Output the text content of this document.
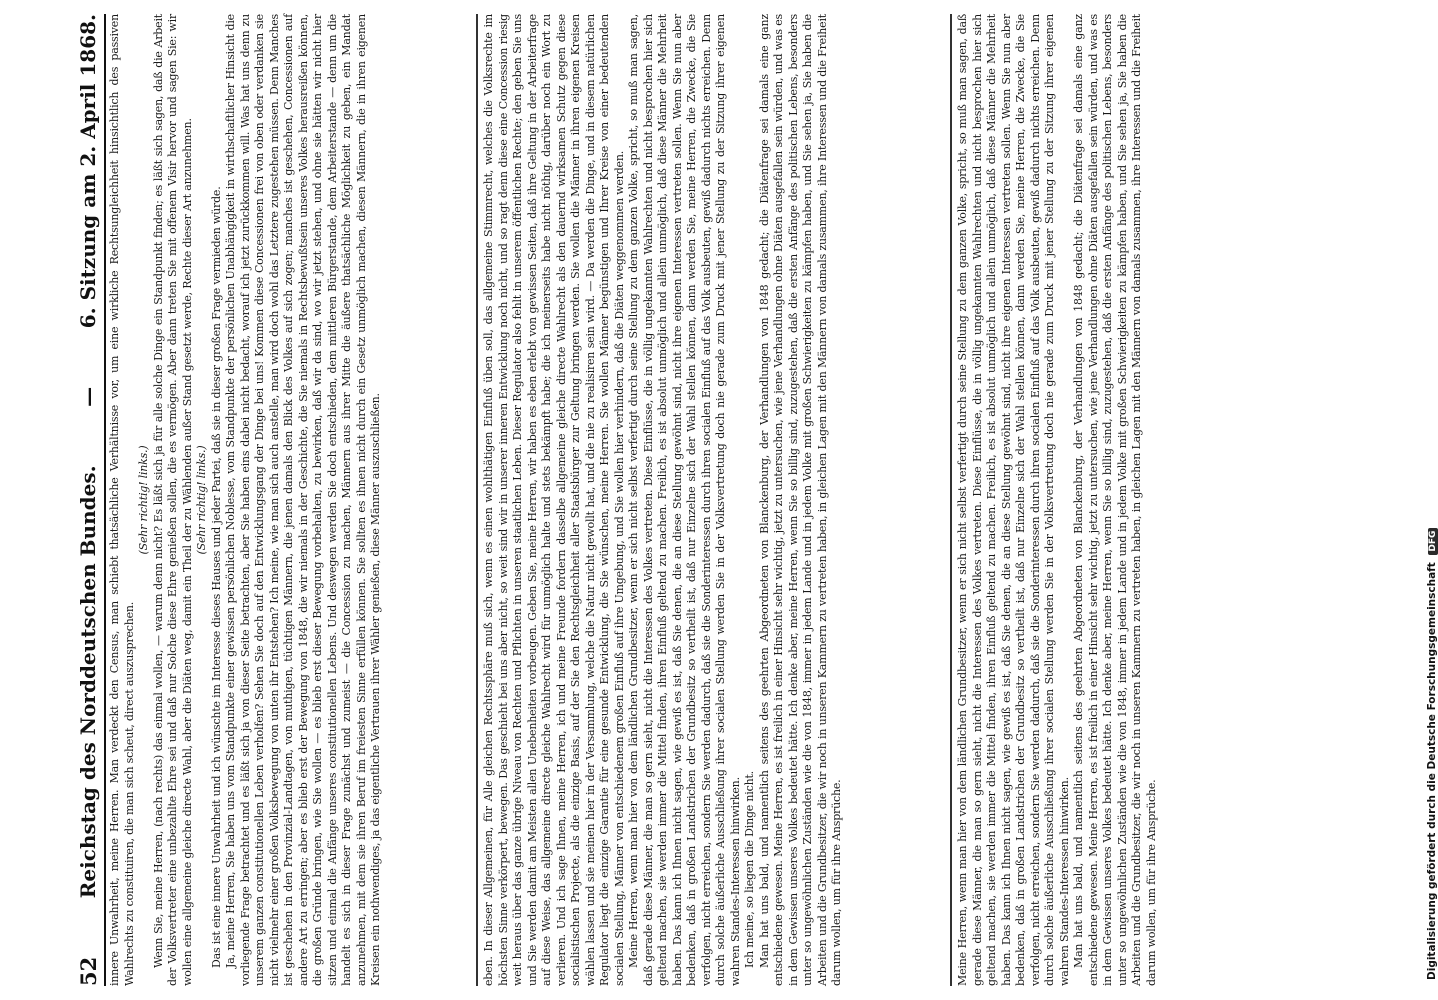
52
Reichstag des Norddeutschen Bundes.
—
6. Sitzung am 2. April 1868. innere Unwahrheit, meine Herren. Man verdeckt den Census, man schiebt thatsächliche Verhältnisse vor, um eine wirkliche Rechtsungleichheit hinsichtlich des passiven Wahlrechts zu constituiren, die man sich scheut, direct auszusprechen.
(Sehr richtig! links.) Wenn Sie, meine Herren, (nach rechts) das einmal wollen, — warum denn nicht? Es läßt sich ja für alle solche Dinge ein Standpunkt finden; es läßt sich sagen, daß die Arbeit der Volksvertreter eine unbezahlte Ehre sei und daß nur Solche diese Ehre genießen sollen, die es vermögen. Aber dann treten Sie mit offenem Visir hervor und sagen Sie: wir wollen eine allgemeine gleiche directe Wahl, aber die Diäten weg, damit ein Theil der zu Wählenden außer Stand gesetzt werde, Rechte dieser Art anzunehmen. (Sehr richtig! links.) Das ist eine innere Unwahrheit und ich wünschte im Interesse dieses Hauses und jeder Partei, daß sie in dieser großen Frage vermieden würde. Ja, meine Herren, Sie haben uns vom Standpunkte einer gewissen persönlichen Noblesse, vom Standpunkte der persönlichen Unabhängigkeit in wirthschaftlicher Hinsicht die vorliegende Frage betrachtet und es läßt sich ja von dieser Seite betrachten, aber Sie haben eins dabei nicht bedacht, worauf ich jetzt zurückkommen will. Was hat uns denn zu unserem ganzen constitutionellen Leben verholfen? Sehen Sie doch auf den Entwicklungsgang der Dinge bei uns! Kommen diese Concessionen frei von oben oder verdanken sie nicht vielmehr einer großen Volksbewegung von unten ihr Entstehen? Ich meine, wie man sich auch anstelle, man wird doch wohl das Letztere zugestehen müssen. Denn Manches ist geschehen in den Provinzial-Landtagen, von muthigen, tüchtigen Männern, die jenen damals den Blick des Volkes auf sich zogen; manches ist geschehen, Concessionen auf andere Art zu erringen; aber es blieb erst der Bewegung von 1848, die wir niemals in der Geschichte, die Sie niemals in Rechtsbewußtsein unseres Volkes herausreißen können, die großen Gründe bringen, wie Sie wollen — es blieb erst dieser Bewegung vorbehalten, zu bewirken, daß wir da sind, wo wir jetzt stehen, und ohne sie hätten wir nicht hier sitzen und einmal die Anfänge unseres constitutionellen Lebens. Und deswegen werden Sie doch entschieden, dem mittleren Bürgerstande, dem Arbeiterstande — denn um die handelt es sich in dieser Frage zunächst und zumeist — die Concession zu machen, Männern aus ihrer Mitte die äußere thatsächliche Möglichkeit zu geben, ein Mandat anzunehmen, mit dem sie ihren Beruf im freiesten Sinne erfüllen können. Sie sollten es ihnen nicht durch ein Gesetz unmöglich machen, diesen Männern, die in ihren eigenen Kreisen ein nothwendiges, ja das eigentliche Vertrauen ihrer Wähler genießen, diese Männer auszuschließen.	eben. In dieser Allgemeinen, für Alle gleichen Rechtssphäre muß sich, wenn es einen wohlthätigen Einfluß üben soll, das allgemeine Stimmrecht, welches die Volksrechte im höchsten Sinne verkörpert, bewegen. Das geschieht bei uns aber nicht, so weit sind wir in unserer inneren Entwicklung noch nicht, und so ragt denn diese eine Concession riesig weit heraus über das ganze übrige Niveau von Rechten und Pflichten in unseren staatlichen Leben. Dieser Regulator also fehlt in unserem öffentlichen Rechte; den geben Sie uns und Sie werden damit am Meisten allen Unebenheiten vorbeugen. Geben Sie, meine Herren, wir haben es eben erlebt von gewissen Seiten, daß ihre Geltung in der Arbeiterfrage auf diese Weise, das allgemeine directe gleiche Wahlrecht wird für unmöglich halte und stets bekämpft habe; die ich meinerseits habe nicht nöthig, darüber noch ein Wort zu verlieren. Und ich sage Ihnen, meine Herren, ich und meine Freunde fordern dasselbe allgemeine gleiche directe Wahlrecht als den dauernd wirksamen Schutz gegen diese socialistischen Projecte, als die einzige Basis, auf der Sie den Rechtsgleichheit aller Staatsbürger zur Geltung bringen werden. Sie wollen die Männer in ihren eigenen Kreisen wählen lassen und sie meinen hier in der Versammlung, welche die Natur nicht gewollt hat, und die nie zu realisiren sein wird. — Da werden die Dinge, und in diesem natürlichen Regulator liegt die einzige Garantie für eine gesunde Entwicklung, die Sie wünschen, meine Herren. Sie wollen Männer begünstigen und Ihrer Kreise von einer bedeutenden socialen Stellung, Männer von entschiedenem großen Einfluß auf ihre Umgebung, und Sie wollen hier verhindern, daß die Diäten weggenommen werden. Meine Herren, wenn man hier von dem ländlichen Grundbesitzer, wenn er sich nicht selbst verfertigt durch seine Stellung zu dem ganzen Volke, spricht, so muß man sagen, daß gerade diese Männer, die man so gern sieht, nicht die Interessen des Volkes vertreten. Diese Einflüsse, die in völlig ungekannten Wahlrechten und nicht besprochen hier sich geltend machen, sie werden immer die Mittel finden, ihren Einfluß geltend zu machen. Freilich, es ist absolut unmöglich und allein unmöglich, daß diese Männer die Mehrheit haben. Das kann ich Ihnen nicht sagen, wie gewiß es ist, daß Sie denen, die an diese Stellung gewöhnt sind, nicht ihre eigenen Interessen vertreten sollen. Wenn Sie nun aber bedenken, daß in großen Landstrichen der Grundbesitz so vertheilt ist, daß nur Einzelne sich der Wahl stellen können, dann werden Sie, meine Herren, die Zwecke, die Sie verfolgen, nicht erreichen, sondern Sie werden dadurch, daß sie die Sonderinteressen durch ihren socialen Einfluß auf das Volk ausbeuten, gewiß dadurch nichts erreichen. Denn durch solche äußerliche Ausschließung ihrer socialen Stellung werden Sie in der Volksvertretung doch nie gerade zum Druck mit jener Stellung zu der Sitzung ihrer eigenen wahren Standes-Interessen hinwirken. Ich meine, so liegen die Dinge nicht. Man hat uns bald, und namentlich seitens des geehrten Abgeordneten von Blanckenburg, der Verhandlungen von 1848 gedacht; die Diätenfrage sei damals eine ganz entschiedene gewesen. Meine Herren, es ist freilich in einer Hinsicht sehr wichtig, jetzt zu untersuchen, wie jene Verhandlungen ohne Diäten ausgefallen sein würden, und was es in dem Gewissen unseres Volkes bedeutet hätte. Ich denke aber, meine Herren, wenn Sie so billig sind, zuzugestehen, daß die ersten Anfänge des politischen Lebens, besonders unter so ungewöhnlichen Zuständen wie die von 1848, immer in jedem Lande und in jedem Volke mit großen Schwierigkeiten zu kämpfen haben, und Sie sehen ja, Sie haben die Arbeiten und die Grundbesitzer, die wir noch in unseren Kammern zu vertreten haben, in gleichen Lagen mit den Männern von damals zusammen, ihre Interessen und die Freiheit darum wollen, um für ihre Ansprüche.	Meine Herren, wenn man hier von dem ländlichen Grundbesitzer, wenn er sich nicht selbst verfertigt durch seine Stellung zu dem ganzen Volke, spricht, so muß man sagen, daß gerade diese Männer, die man so gern sieht, nicht die Interessen des Volkes vertreten. Diese Einflüsse, die in völlig ungekannten Wahlrechten und nicht besprochen hier sich geltend machen, sie werden immer die Mittel finden, ihren Einfluß geltend zu machen. Freilich, es ist absolut unmöglich und allein unmöglich, daß diese Männer die Mehrheit haben. Das kann ich Ihnen nicht sagen, wie gewiß es ist, daß Sie denen, die an diese Stellung gewöhnt sind, nicht ihre eigenen Interessen vertreten sollen. Wenn Sie nun aber bedenken, daß in großen Landstrichen der Grundbesitz so vertheilt ist, daß nur Einzelne sich der Wahl stellen können, dann werden Sie, meine Herren, die Zwecke, die Sie verfolgen, nicht erreichen, sondern Sie werden dadurch, daß sie die Sonderinteressen durch ihren socialen Einfluß auf das Volk ausbeuten, gewiß dadurch nichts erreichen. Denn durch solche äußerliche Ausschließung ihrer socialen Stellung werden Sie in der Volksvertretung doch nie gerade zum Druck mit jener Stellung zu der Sitzung ihrer eigenen wahren Standes-Interessen hinwirken. Man hat uns bald, und namentlich seitens des geehrten Abgeordneten von Blanckenburg, der Verhandlungen von 1848 gedacht; die Diätenfrage sei damals eine ganz entschiedene gewesen. Meine Herren, es ist freilich in einer Hinsicht sehr wichtig, jetzt zu untersuchen, wie jene Verhandlungen ohne Diäten ausgefallen sein würden, und was es in dem Gewissen unseres Volkes bedeutet hätte. Ich denke aber, meine Herren, wenn Sie so billig sind, zuzugestehen, daß die ersten Anfänge des politischen Lebens, besonders unter so ungewöhnlichen Zuständen wie die von 1848, immer in jedem Lande und in jedem Volke mit großen Schwierigkeiten zu kämpfen haben, und Sie sehen ja, Sie haben die Arbeiten und die Grundbesitzer, die wir noch in unseren Kammern zu vertreten haben, in gleichen Lagen mit den Männern von damals zusammen, ihre Interessen und die Freiheit darum wollen, um für ihre Ansprüche.	Digitalisierung gefördert durch die Deutsche Forschungsgemeinschaft DFG
